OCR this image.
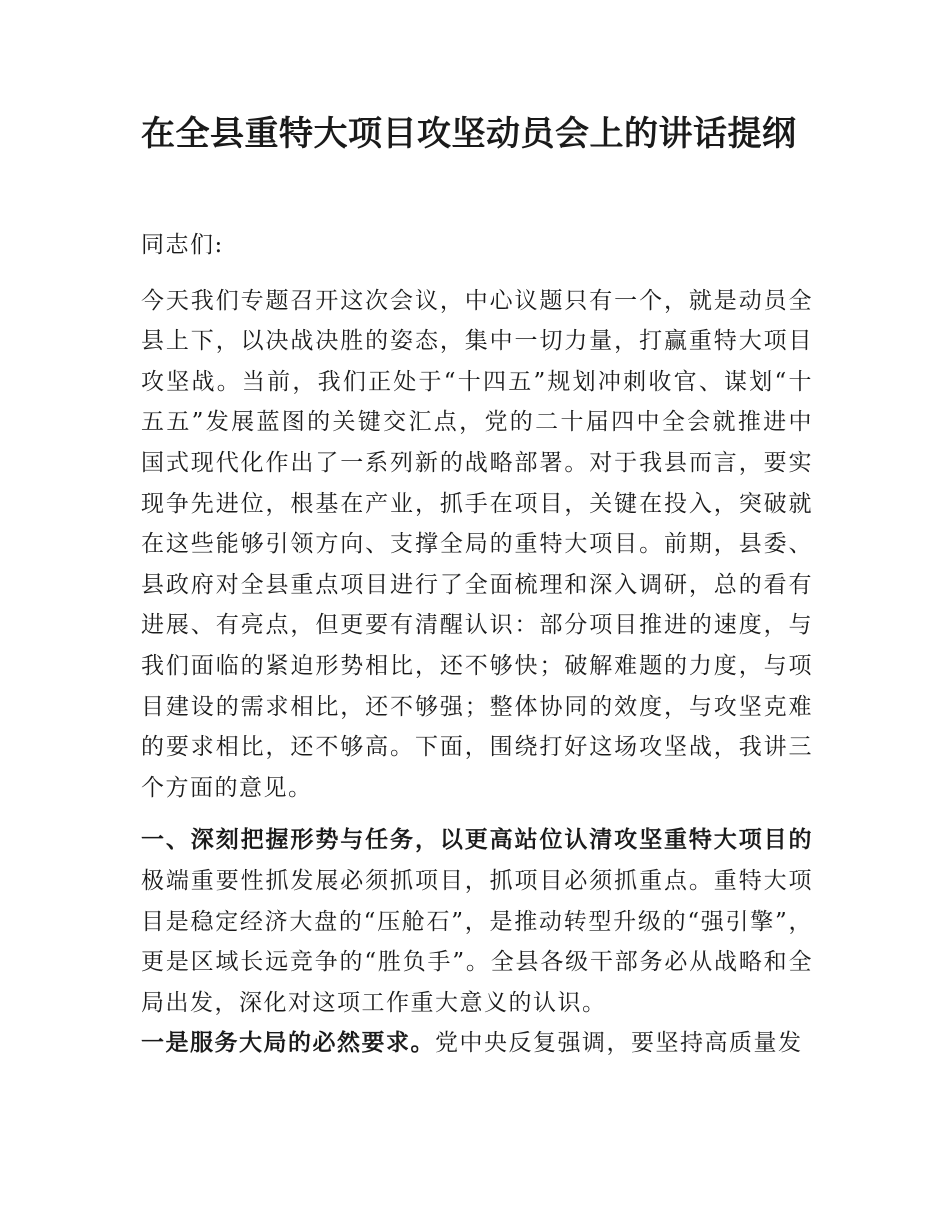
在全县重特大项目攻坚动员会上的讲话提纲

同志们:

今天我们专题召开这次会议，中心议题只有一个，就是动员全县上下，以决战决胜的姿态，集中一切力量，打赢重特大项目攻坚战。当前，我们正处于“十四五”规划冲刺收官、谋划“十五五”发展蓝图的关键交汇点，党的二十届四中全会就推进中国式现代化作出了一系列新的战略部署。对于我县而言，要实现争先进位，根基在产业，抓手在项目，关键在投入，突破就在这些能够引领方向、支撑全局的重特大项目。前期，县委、县政府对全县重点项目进行了全面梳理和深入调研，总的看有进展、有亮点，但更要有清醒认识：部分项目推进的速度，与我们面临的紧迫形势相比，还不够快；破解难题的力度，与项目建设的需求相比，还不够强；整体协同的效度，与攻坚克难的要求相比，还不够高。下面，围绕打好这场攻坚战，我讲三个方面的意见。

一、深刻把握形势与任务，以更高站位认清攻坚重特大项目的极端重要性抓发展必须抓项目，抓项目必须抓重点。重特大项目是稳定经济大盘的“压舱石”，是推动转型升级的“强引擎”，更是区域长远竞争的“胜负手”。全县各级干部务必从战略和全局出发，深化对这项工作重大意义的认识。

一是服务大局的必然要求。党中央反复强调，要坚持高质量发
